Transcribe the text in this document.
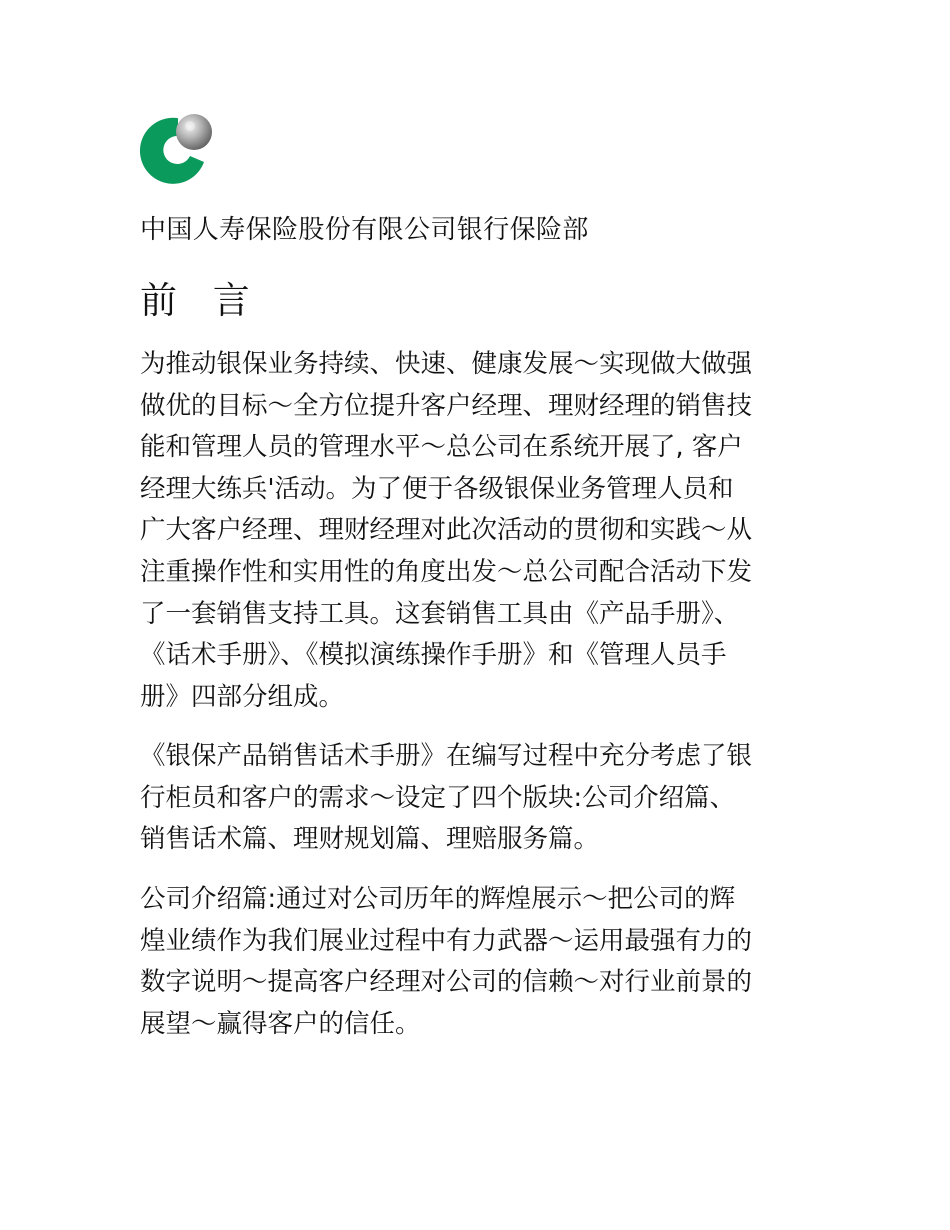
中国人寿保险股份有限公司银行保险部
前 言

为推动银保业务持续、快速、健康发展～实现做大做强
做优的目标～全方位提升客户经理、理财经理的销售技
能和管理人员的管理水平～总公司在系统开展了, 客户
经理大练兵'活动。为了便于各级银保业务管理人员和
广大客户经理、理财经理对此次活动的贯彻和实践～从
注重操作性和实用性的角度出发～总公司配合活动下发
了一套销售支持工具。这套销售工具由《产品手册》、
《话术手册》、《模拟演练操作手册》和《管理人员手
册》四部分组成。

《银保产品销售话术手册》在编写过程中充分考虑了银
行柜员和客户的需求～设定了四个版块:公司介绍篇、
销售话术篇、理财规划篇、理赔服务篇。

公司介绍篇:通过对公司历年的辉煌展示～把公司的辉
煌业绩作为我们展业过程中有力武器～运用最强有力的
数字说明～提高客户经理对公司的信赖～对行业前景的
展望～赢得客户的信任。
